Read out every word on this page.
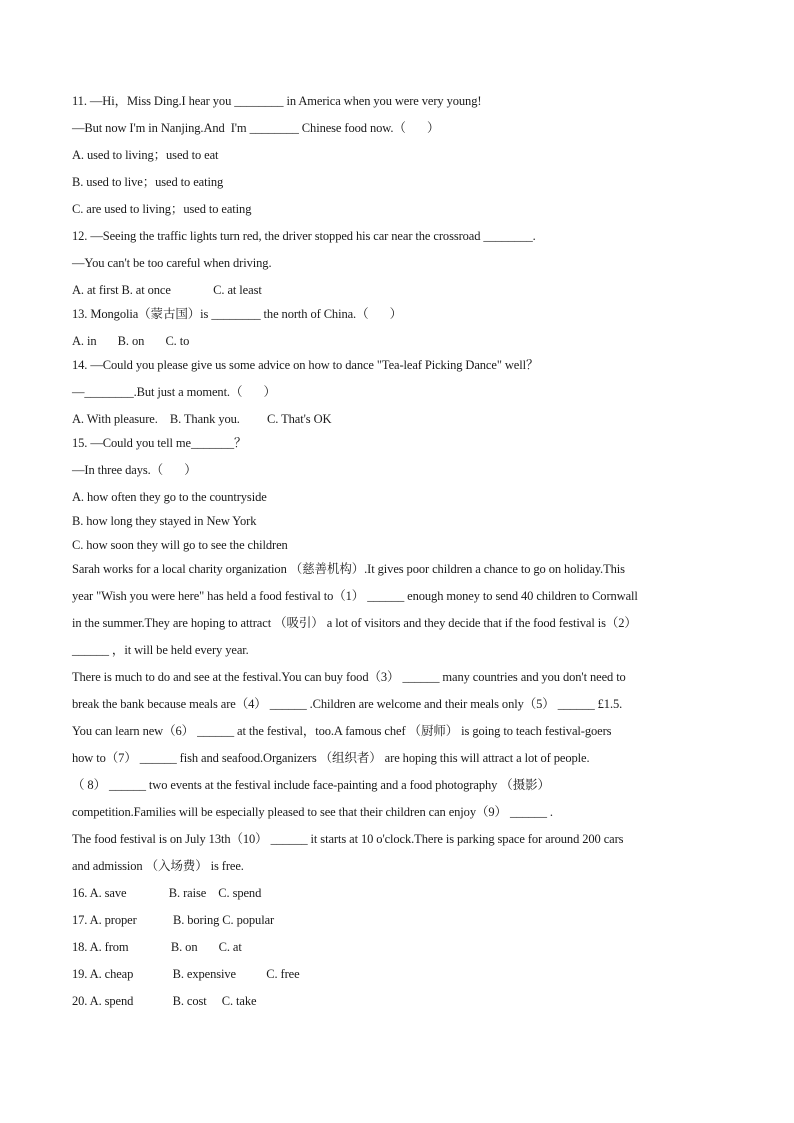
11. —Hi，Miss Ding.I hear you ________ in America when you were very young!
—But now I'm in Nanjing.And  I'm ________ Chinese food now.（       ）
A. used to living；used to eat
B. used to live；used to eating
C. are used to living；used to eating
12. —Seeing the traffic lights turn red, the driver stopped his car near the crossroad ________.
—You can't be too careful when driving.
A. at first B. at once              C. at least
13. Mongolia（蒙古国）is ________ the north of China.（       ）
A. in       B. on       C. to
14. —Could you please give us some advice on how to dance "Tea-leaf Picking Dance" well？
—________.But just a moment.（       ）
A. With pleasure.    B. Thank you.         C. That's OK
15. —Could you tell me_______？
—In three days.（       ）
A. how often they go to the countryside
B. how long they stayed in New York
C. how soon they will go to see the children
Sarah works for a local charity organization （慈善机构）.It gives poor children a chance to go on holiday.This
year "Wish you were here" has held a food festival to（1） ______ enough money to send 40 children to Cornwall
in the summer.They are hoping to attract （吸引） a lot of visitors and they decide that if the food festival is（2）
______ ，it will be held every year.
There is much to do and see at the festival.You can buy food（3） ______ many countries and you don't need to
break the bank because meals are（4） ______ .Children are welcome and their meals only（5） ______ £1.5.
You can learn new（6） ______ at the festival，too.A famous chef （厨师） is going to teach festival-goers
how to（7） ______ fish and seafood.Organizers （组织者） are hoping this will attract a lot of people.
（ 8） ______ two events at the festival include face-painting and a food photography （摄影）
competition.Families will be especially pleased to see that their children can enjoy（9） ______ .
The food festival is on July 13th（10） ______ it starts at 10 o'clock.There is parking space for around 200 cars
and admission （入场费） is free.
16. A. save              B. raise    C. spend
17. A. proper            B. boring C. popular
18. A. from              B. on       C. at
19. A. cheap             B. expensive          C. free
20. A. spend             B. cost     C. take
